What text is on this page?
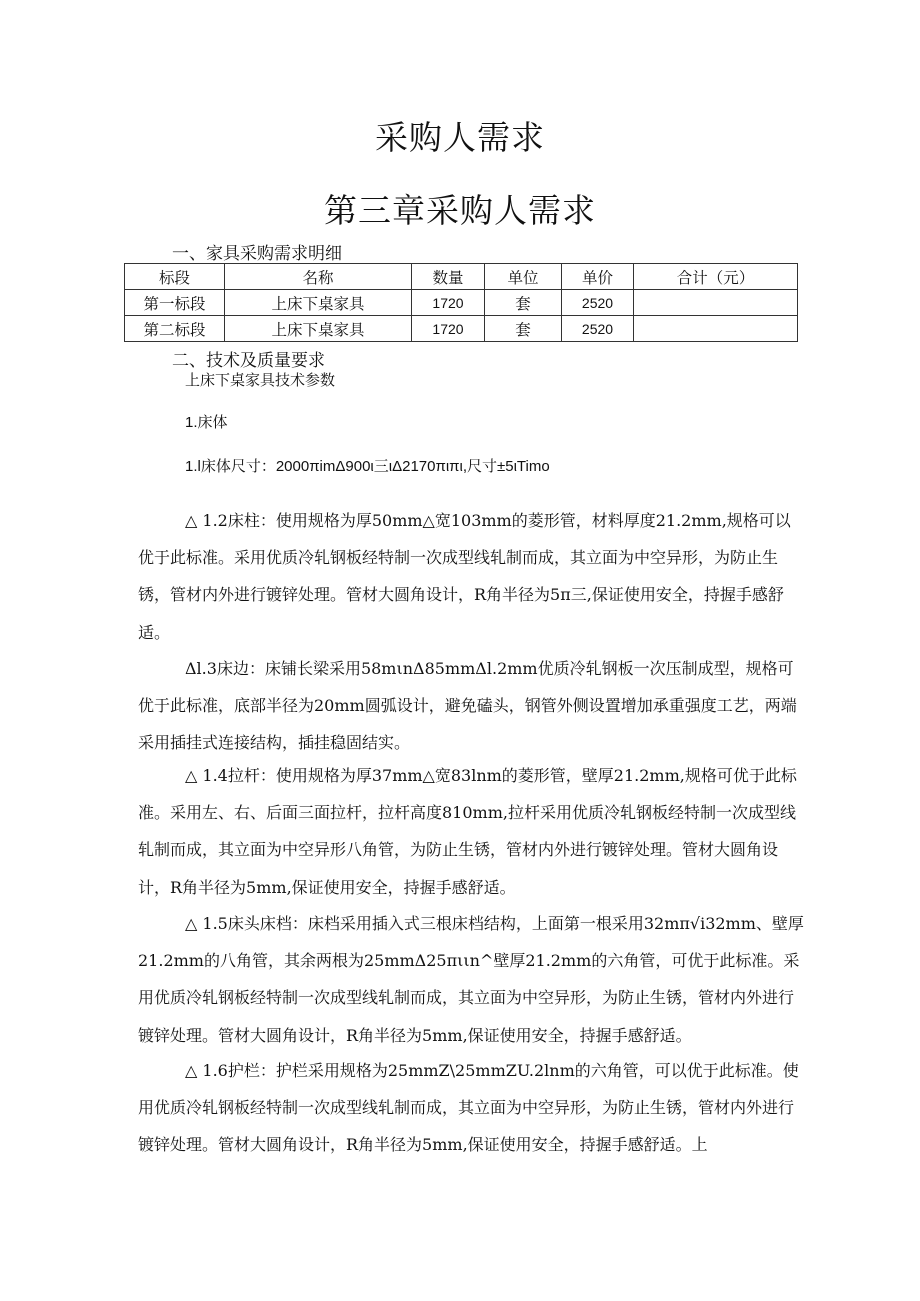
采购人需求
第三章采购人需求
一、家具采购需求明细
标段	名称	数量	单位	单价	合计（元）
第一标段	上床下桌家具	1720	套	2520	
第二标段	上床下桌家具	1720	套	2520	
二、技术及质量要求
上床下桌家具技术参数
1.床体
1.l床体尺寸：2000πimΔ900ι三ιΔ2170πιπι,尺寸±5ιTimo

△ 1.2床柱：使用规格为厚50mm△宽103mm的菱形管，材料厚度21.2mm,规格可以优于此标准。采用优质冷轧钢板经特制一次成型线轧制而成，其立面为中空异形，为防止生锈，管材内外进行镀锌处理。管材大圆角设计，R角半径为5π三,保证使用安全，持握手感舒适。

Δl.3床边：床铺长梁采用58mιnΔ85mmΔl.2mm优质冷轧钢板一次压制成型，规格可优于此标准，底部半径为20mm圆弧设计，避免磕头，钢管外侧设置增加承重强度工艺，两端采用插挂式连接结构，插挂稳固结实。

△ 1.4拉杆：使用规格为厚37mm△宽83lnm的菱形管，壁厚21.2mm,规格可优于此标准。采用左、右、后面三面拉杆，拉杆高度810mm,拉杆采用优质冷轧钢板经特制一次成型线轧制而成，其立面为中空异形八角管，为防止生锈，管材内外进行镀锌处理。管材大圆角设计，R角半径为5mm,保证使用安全，持握手感舒适。

△ 1.5床头床档：床档采用插入式三根床档结构，上面第一根采用32mπ√i32mm、壁厚21.2mm的八角管，其余两根为25mmΔ25πιιn^壁厚21.2mm的六角管，可优于此标准。采用优质冷轧钢板经特制一次成型线轧制而成，其立面为中空异形，为防止生锈，管材内外进行镀锌处理。管材大圆角设计，R角半径为5mm,保证使用安全，持握手感舒适。

△ 1.6护栏：护栏采用规格为25mmZ\25mmZU.2lnm的六角管，可以优于此标准。使用优质冷轧钢板经特制一次成型线轧制而成，其立面为中空异形，为防止生锈，管材内外进行镀锌处理。管材大圆角设计，R角半径为5mm,保证使用安全，持握手感舒适。上
